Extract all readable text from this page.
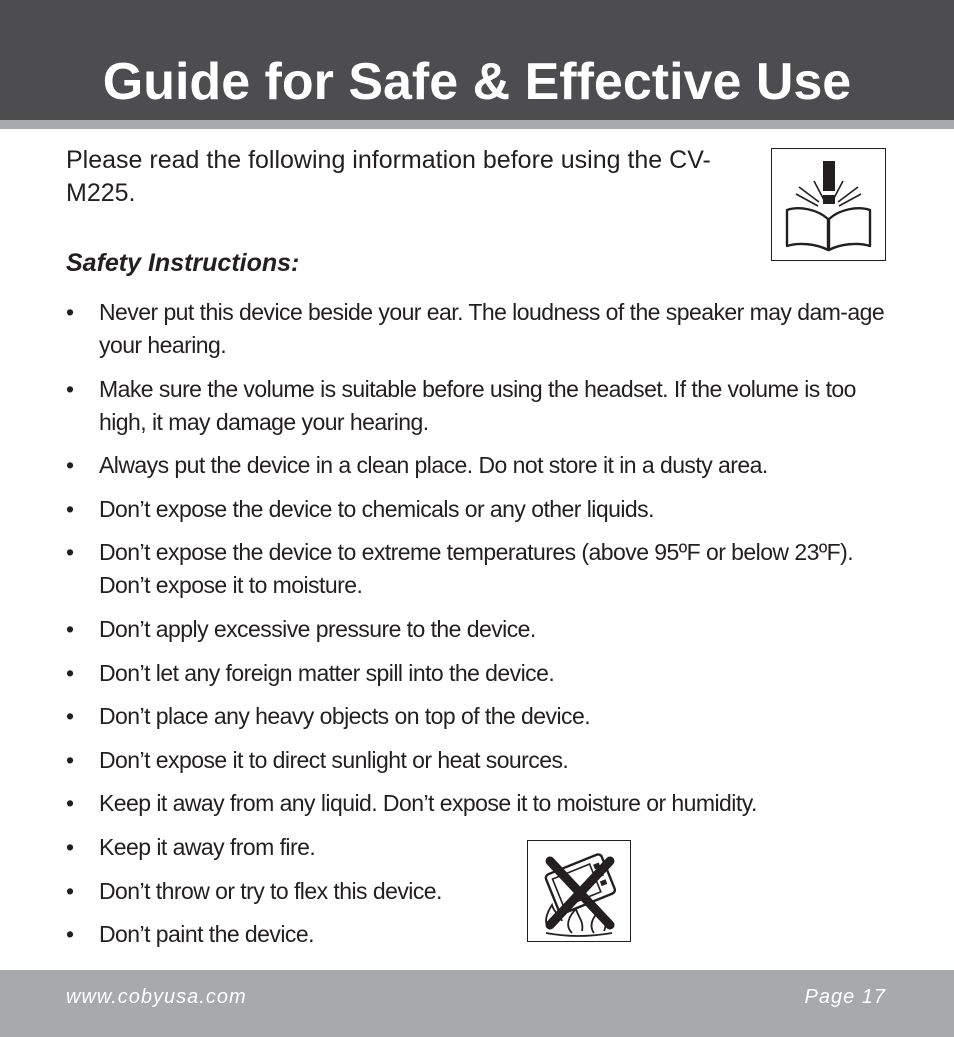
Guide for Safe & Effective Use
Please read the following information before using the CV-M225.
Safety Instructions:
• Never put this device beside your ear. The loudness of the speaker may dam-age your hearing.
• Make sure the volume is suitable before using the headset. If the volume is too high, it may damage your hearing.
• Always put the device in a clean place. Do not store it in a dusty area.
• Don’t expose the device to chemicals or any other liquids.
• Don’t expose the device to extreme temperatures (above 95ºF or below 23ºF). Don’t expose it to moisture.
• Don’t apply excessive pressure to the device.
• Don’t let any foreign matter spill into the device.
• Don’t place any heavy objects on top of the device.
• Don’t expose it to direct sunlight or heat sources.
• Keep it away from any liquid. Don’t expose it to moisture or humidity.
• Keep it away from fire.
• Don’t throw or try to flex this device.
• Don’t paint the device.
www.cobyusa.com	Page 17
